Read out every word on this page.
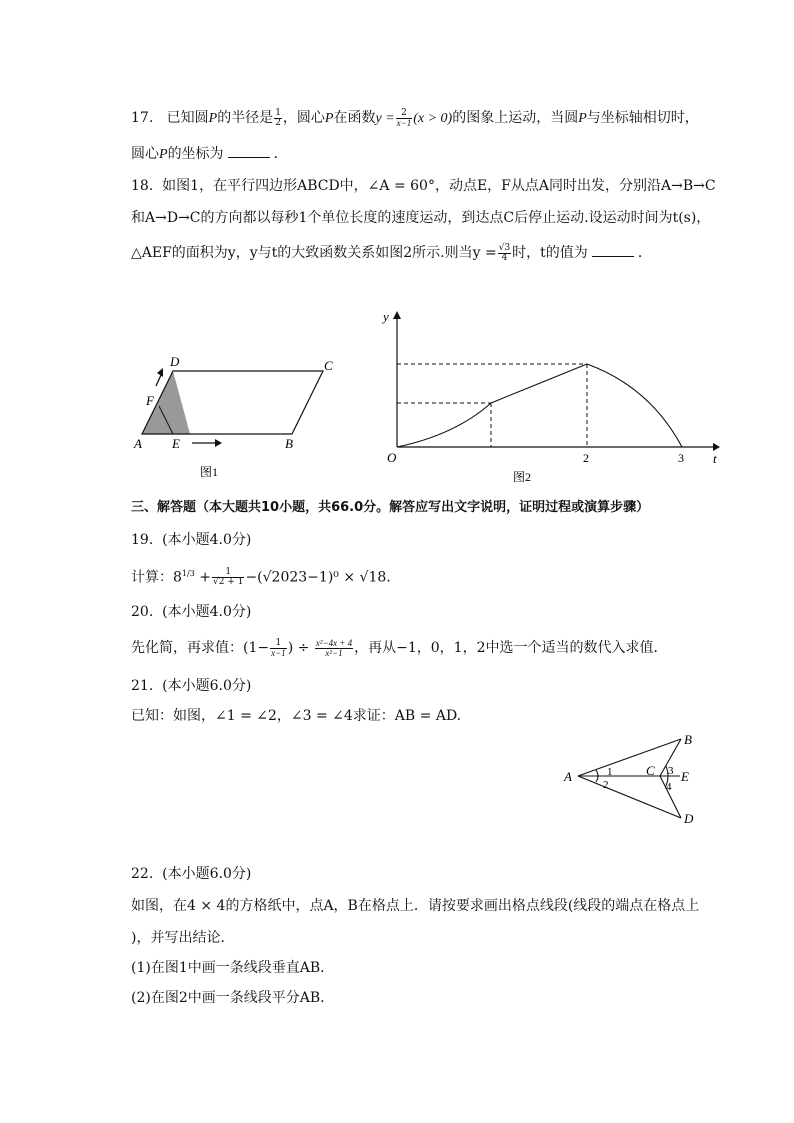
17. 已知圆P的半径是 $\frac{1}{2}$ ，圆心P在函数$y = \frac{2}{x-1} (x > 0)$的图象上运动，当圆P与坐标轴相切时，
圆心P的坐标为	．
18. 如图1，在平行四边形ABCD中，∠A = 60°，动点E，F从点A同时出发，分别沿A→B→C
和A→D→C的方向都以每秒1个单位长度的速度运动，到达点C后停止运动.设运动时间为t(s)，
△AEF的面积为y，y与t的大致函数关系如图2所示.则当$y = \frac{√3}{4}$ 时，t的值为	．
A E	B
C
D
F
图1
y
t
O	2	3
图2
三、解答题（本大题共10小题，共66.0分。解答应写出文字说明，证明过程或演算步骤）
19. (本小题4.0分)
计算：$8^{1/3} + \frac{1}{√2 + 1} -(√2023-1)^0 \times √18$.
20. (本小题4.0分)
先化简，再求值：($1- \frac{1}{x-1}$ ) ÷ $\frac{\text{x²−4x + 4}}{\text{x²−1}}$ ，再从−1，0，1，2中选一个适当的数代入求值．
21. (本小题6.0分)
已知：如图，∠1 = ∠2，∠3 = ∠4求证：AB = AD.
A
B
C
D
E
1
2
3
4
22. (本小题6.0分)
如图，在4 × 4的方格纸中，点A，B在格点上．请按要求画出格点线段(线段的端点在格点上
)，并写出结论．
(1)在图1中画一条线段垂直AB．
(2)在图2中画一条线段平分AB．
